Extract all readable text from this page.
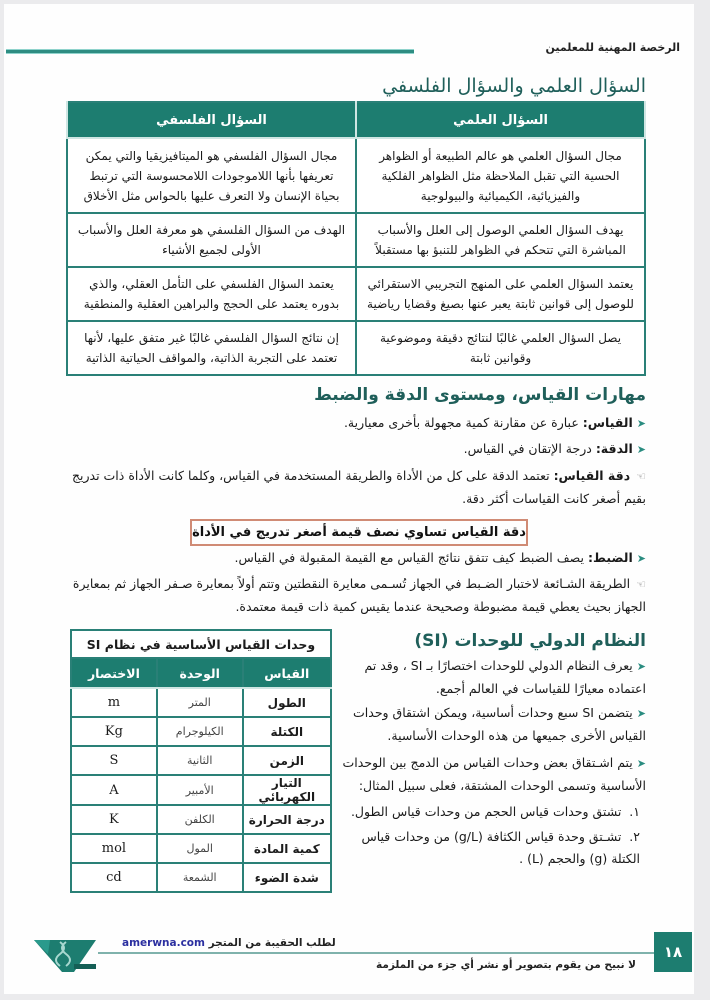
الرخصة المهنية للمعلمين
السؤال العلمي والسؤال الفلسفي
السؤال العلمي	السؤال الفلسفي
مجال السؤال العلمي هو عالم الطبيعة أو الظواهر الحسية التي تقبل الملاحظة مثل الظواهر الفلكية والفيزيائية، الكيميائية والبيولوجية	مجال السؤال الفلسفي هو الميتافيزيقيا والتي يمكن تعريفها بأنها اللاموجودات اللامحسوسة التي ترتبط بحياة الإنسان ولا التعرف عليها بالحواس مثل الأخلاق
يهدف السؤال العلمي الوصول إلى العلل والأسباب المباشرة التي تتحكم في الظواهر للتنبؤ بها مستقبلاً	الهدف من السؤال الفلسفي هو معرفة العلل والأسباب الأولى لجميع الأشياء
يعتمد السؤال العلمي على المنهج التجريبي الاستقرائي للوصول إلى قوانين ثابتة يعبر عنها بصيغ وقضايا رياضية	يعتمد السؤال الفلسفي على التأمل العقلي، والذي بدوره يعتمد على الحجج والبراهين العقلية والمنطقية
يصل السؤال العلمي غالبًا لنتائج دقيقة وموضوعية وقوانين ثابتة	إن نتائج السؤال الفلسفي غالبًا غير متفق عليها، لأنها تعتمد على التجربة الذاتية، والمواقف الحياتية الذاتية
مهارات القياس، ومستوى الدقة والضبط
➤القياس: عبارة عن مقارنة كمية مجهولة بأخرى معيارية.
➤الدقة: درجة الإتقان في القياس.
☜دقة القياس: تعتمد الدقة على كل من الأداة والطريقة المستخدمة في القياس، وكلما كانت الأداة ذات تدريج بقيم أصغر كانت القياسات أكثر دقة.
دقة القياس تساوي نصف قيمة أصغر تدريج في الأداة
➤الضبط: يصف الضبط كيف تتفق نتائج القياس مع القيمة المقبولة في القياس.
☜الطريقة الشـائعة لاختبار الضـبط في الجهاز تُسـمى معايرة النقطتين وتتم أولاً بمعايرة صـفر الجهاز ثم بمعايرة الجهاز بحيث يعطي قيمة مضبوطة وصحيحة عندما يقيس كمية ذات قيمة معتمدة.
وحدات القياس الأساسية في نظام SI		
القياس	الوحدة	الاختصار
الطول	المتر	m
الكتلة	الكيلوجرام	Kg
الزمن	الثانية	S
التيار الكهربائي	الأمبير	A
درجة الحرارة	الكلفن	K
كمية المادة	المول	mol
شدة الضوء	الشمعة	cd
النظام الدولي للوحدات (SI)
➤يعرف النظام الدولي للوحدات اختصارًا بـ SI ، وقد تم اعتماده معيارًا للقياسات في العالم أجمع.
➤يتضمن SI سبع وحدات أساسية، ويمكن اشتقاق وحدات القياس الأخرى جميعها من هذه الوحدات الأساسية.
➤يتم اشـتقاق بعض وحدات القياس من الدمج بين الوحدات الأساسية وتسمى الوحدات المشتقة، فعلى سبيل المثال:
١.  تشتق وحدات قياس الحجم من وحدات قياس الطول.
٢.  تشـتق وحدة قياس الكثافة (g/L) من وحدات قياس الكتلة (g) والحجم (L) .
لطلب الحقيبة من المتجر amerwna.com
لا نبيح من يقوم بتصوير أو نشر أي جزء من الملزمة
١٨
